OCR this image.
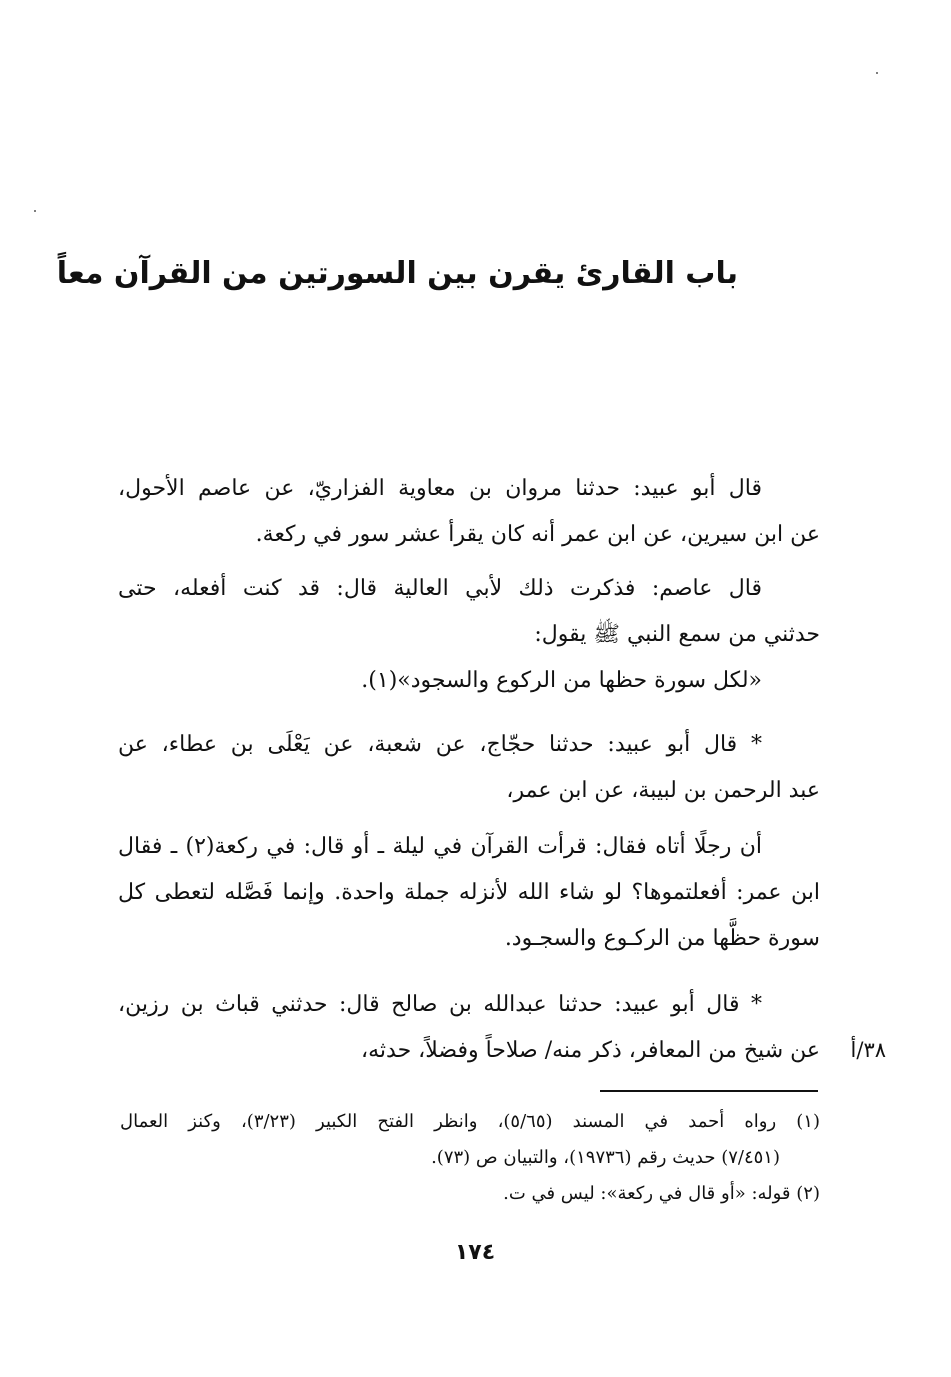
باب القارئ يقرن بين السورتين من القرآن معاً
قال أبو عبيد: حدثنا مروان بن معاوية الفزاريّ، عن عاصم الأحول،
عن ابن سيرين، عن ابن عمر أنه كان يقرأ عشر سور في ركعة.
قال عاصم: فذكرت ذلك لأبي العالية قال: قد كنت أفعله، حتى
حدثني من سمع النبي ﷺ يقول:
«لكل سورة حظها من الركوع والسجود»(١).
* قال أبو عبيد: حدثنا حجّاج، عن شعبة، عن يَعْلَى بن عطاء، عن
عبد الرحمن بن لبيبة، عن ابن عمر،
أن رجلًا أتاه فقال: قرأت القرآن في ليلة ـ أو قال: في ركعة(٢) ـ فقال
ابن عمر: أفعلتموها؟ لو شاء الله لأنزله جملة واحدة. وإنما فَصَّله لتعطى كل
سورة حظَّها من الركـوع والسجـود.
* قال أبو عبيد: حدثنا عبدالله بن صالح قال: حدثني قباث بن رزين،
عن شيخ من المعافر، ذكر منه/ صلاحاً وفضلاً، حدثه،	٣٨/أ
(١) رواه أحمد في المسند (٥/٦٥)، وانظر الفتح الكبير (٣/٢٣)، وكنز العمال
(٧/٤٥١) حديث رقم (١٩٧٣٦)، والتبيان ص (٧٣).
(٢) قوله: «أو قال في ركعة»: ليس في ت.
١٧٤
